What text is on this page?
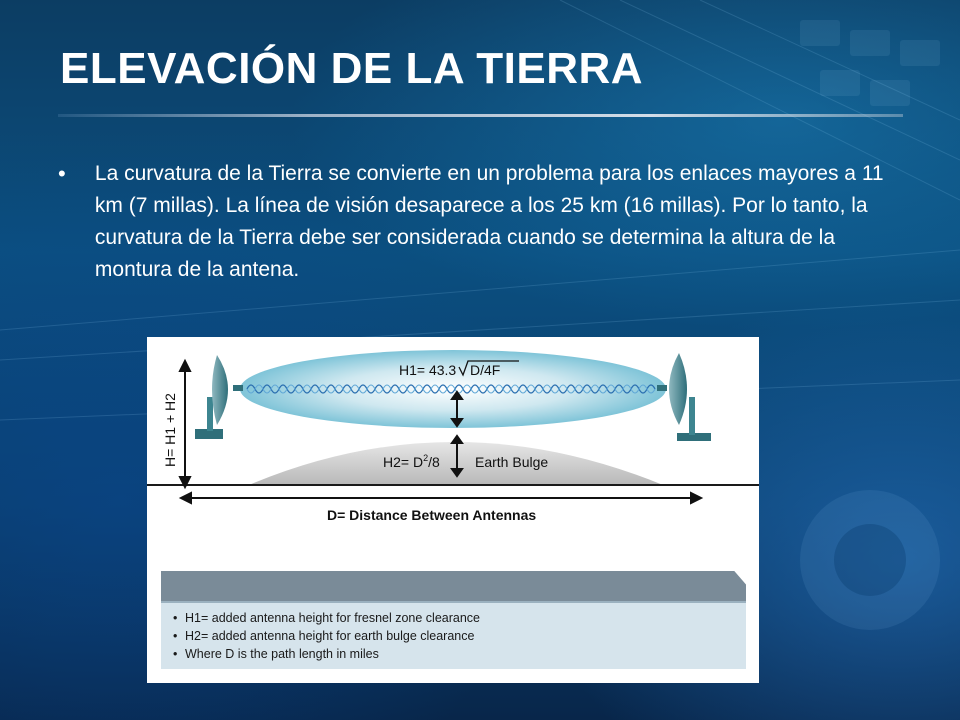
ELEVACIÓN DE LA TIERRA
•	La curvatura de la Tierra se convierte en un problema para los enlaces mayores a 11 km (7 millas). La línea de visión desaparece a los 25 km (16 millas). Por lo tanto, la curvatura de la Tierra debe ser considerada cuando se determina la altura de la montura de la antena.

H= H1 + H2
H1= 43.3 D/4F
$H2= D^2/8$	Earth Bulge
D= Distance Between Antennas
• H1= added antenna height for fresnel zone clearance
• H2= added antenna height for earth bulge clearance
• Where D is the path length in miles
